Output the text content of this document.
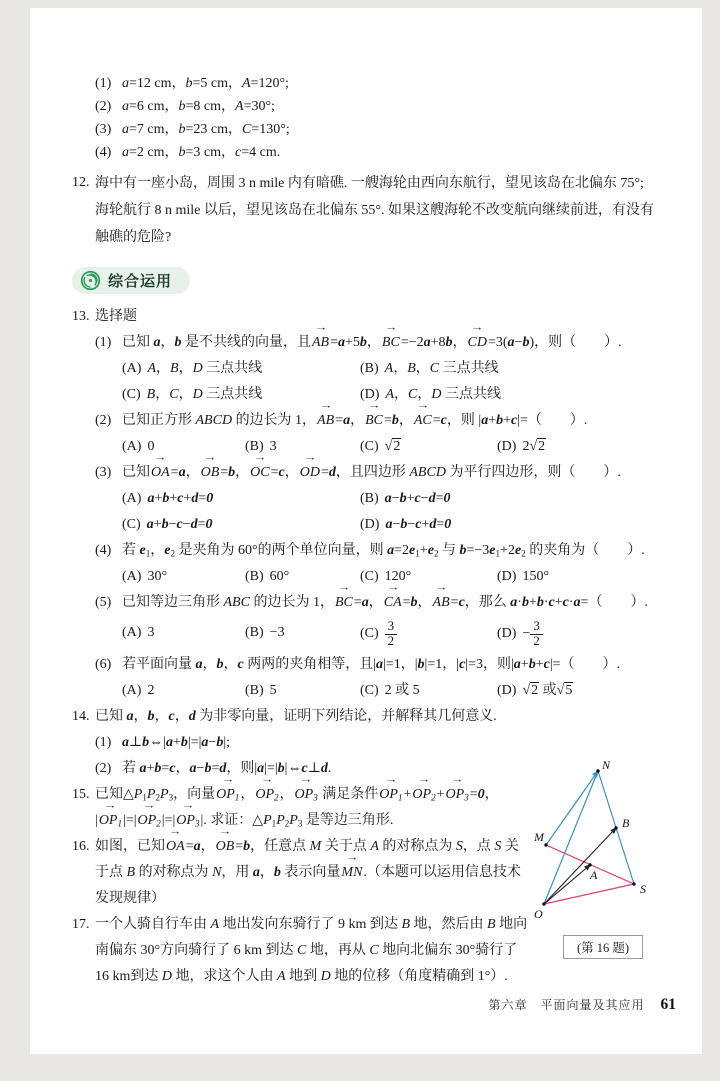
(1) a=12 cm，b=5 cm，A=120°;
(2) a=6 cm，b=8 cm，A=30°;
(3) a=7 cm，b=23 cm，C=130°;
(4) a=2 cm，b=3 cm，c=4 cm.
12. 海中有一座小岛，周围 3 n mile 内有暗礁. 一艘海轮由西向东航行，望见该岛在北偏东 75°;
海轮航行 8 n mile 以后，望见该岛在北偏东 55°. 如果这艘海轮不改变航向继续前进，有没有
触礁的危险?
综合运用
13. 选择题
(1) 已知 a，b 是不共线的向量，且→ AB=a+5b，→ BC=−2a+8b，→ CD=3(a−b)，则（　　）.
(A) A，B，D 三点共线	(B) A，B，C 三点共线
(C) B，C，D 三点共线	(D) A，C，D 三点共线
(2) 已知正方形 ABCD 的边长为 1，→ AB=a，→ BC=b，→ AC=c，则 |a+b+c|=（　　）.
(A) 0	(B) 3	(C) √2	(D) 2√2
(3) 已知→ OA=a，→ OB=b，→ OC=c，→ OD=d，且四边形 ABCD 为平行四边形，则（　　）.
(A) a+b+c+d=0	(B) a−b+c−d=0
(C) a+b−c−d=0	(D) a−b−c+d=0
(4) 若 $e_1$，$e_2$ 是夹角为 60°的两个单位向量，则 $a=2e_1+e_2$ 与 $b=-3e_1+2e_2$ 的夹角为（　　）.
(A) 30°	(B) 60°	(C) 120°	(D) 150°
(5) 已知等边三角形 ABC 的边长为 1，→ BC=a，→ CA=b，→ AB=c，那么 a·b+b·c+c·a=（　　）.
(A) 3	(B) −3	$(C) \frac{3}{2}$	$(D) - \frac{3}{2}$
(6) 若平面向量 a，b，c 两两的夹角相等，且|a|=1，|b|=1，|c|=3，则|a+b+c|=（　　）.
(A) 2	(B) 5	(C) 2 或 5	(D) √2 或√5
14. 已知 a，b，c，d 为非零向量，证明下列结论，并解释其几何意义.
(1) a⊥b⇔|a+b|=|a−b|;
(2) 若 a+b=c，a−b=d，则|a|=|b|⇔c⊥d.
15. 已知$\triangle P_1P_2P_3$，向量→ $OP_1$，→ $OP_2$，→ $OP_3$ 满足条件→ $OP_1+\to OP_2+\to OP_3=0$，
|→ $OP_1|=|\to OP_2|=|\to OP_3|$. 求证：$\triangle P_1P_2P_3$ 是等边三角形.
16. 如图，已知→ OA=a，→ OB=b，任意点 M 关于点 A 的对称点为 S，点 S 关
于点 B 的对称点为 N，用 a，b 表示向量→ MN.（本题可以运用信息技术
发现规律）
17. 一个人骑自行车由 A 地出发向东骑行了 9 km 到达 B 地，然后由 B 地向
南偏东 30°方向骑行了 6 km 到达 C 地，再从 C 地向北偏东 30°骑行了
16 km到达 D 地，求这个人由 A 地到 D 地的位移（角度精确到 1°）.
N
B
M
A
S
O
(第 16 题)
第六章　平面向量及其应用 61
